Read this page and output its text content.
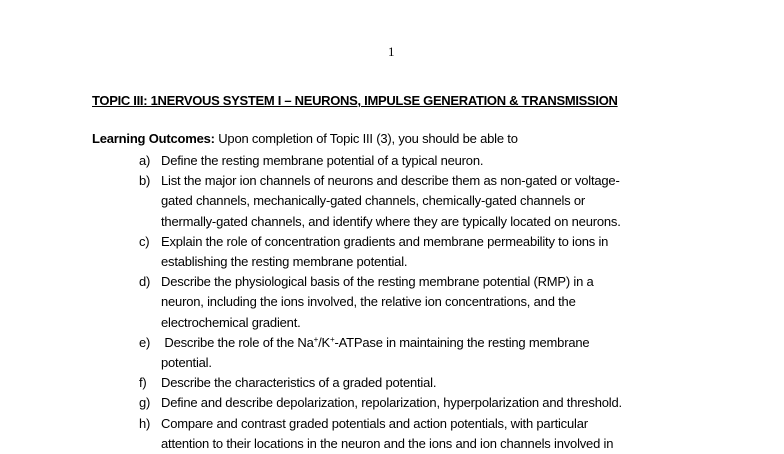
1
TOPIC III: 1NERVOUS SYSTEM I – NEURONS, IMPULSE GENERATION & TRANSMISSION
Learning Outcomes: Upon completion of Topic III (3), you should be able to
a) Define the resting membrane potential of a typical neuron.
b) List the major ion channels of neurons and describe them as non-gated or voltage-
gated channels, mechanically-gated channels, chemically-gated channels or
thermally-gated channels, and identify where they are typically located on neurons.
c) Explain the role of concentration gradients and membrane permeability to ions in
establishing the resting membrane potential.
d) Describe the physiological basis of the resting membrane potential (RMP) in a
neuron, including the ions involved, the relative ion concentrations, and the
electrochemical gradient.
e) Describe the role of the Na+/K+-ATPase in maintaining the resting membrane
potential.
f) Describe the characteristics of a graded potential.
g) Define and describe depolarization, repolarization, hyperpolarization and threshold.
h) Compare and contrast graded potentials and action potentials, with particular
attention to their locations in the neuron and the ions and ion channels involved in
